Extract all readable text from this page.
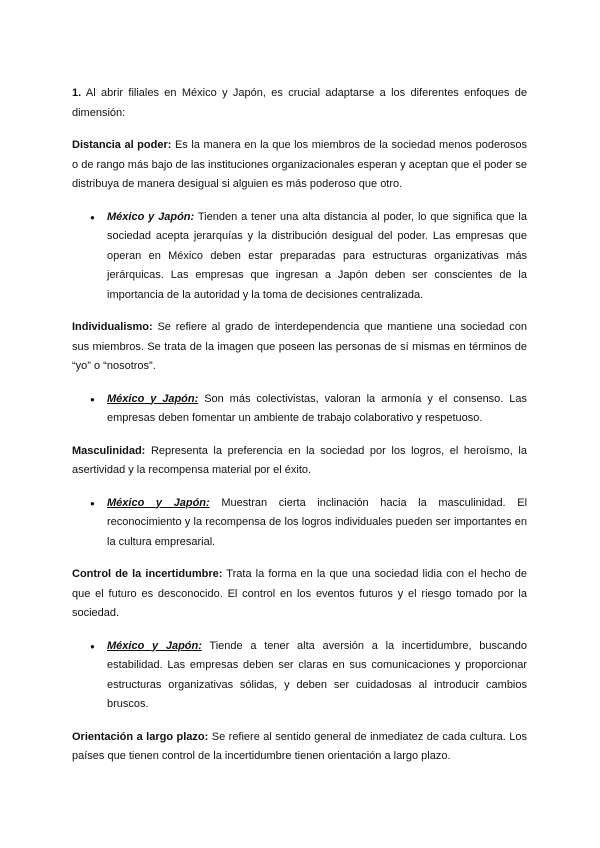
1. Al abrir filiales en México y Japón, es crucial adaptarse a los diferentes enfoques de dimensión:

Distancia al poder: Es la manera en la que los miembros de la sociedad menos poderosos o de rango más bajo de las instituciones organizacionales esperan y aceptan que el poder se distribuya de manera desigual si alguien es más poderoso que otro.

● México y Japón: Tienden a tener una alta distancia al poder, lo que significa que la sociedad acepta jerarquías y la distribución desigual del poder. Las empresas que operan en México deben estar preparadas para estructuras organizativas más jerárquicas. Las empresas que ingresan a Japón deben ser conscientes de la importancia de la autoridad y la toma de decisiones centralizada.

Individualismo: Se refiere al grado de interdependencia que mantiene una sociedad con sus miembros. Se trata de la imagen que poseen las personas de sí mismas en términos de “yo” o “nosotros”.

● México y Japón: Son más colectivistas, valoran la armonía y el consenso. Las empresas deben fomentar un ambiente de trabajo colaborativo y respetuoso.

Masculinidad: Representa la preferencia en la sociedad por los logros, el heroísmo, la asertividad y la recompensa material por el éxito.

● México y Japón: Muestran cierta inclinación hacia la masculinidad. El reconocimiento y la recompensa de los logros individuales pueden ser importantes en la cultura empresarial.

Control de la incertidumbre: Trata la forma en la que una sociedad lidia con el hecho de que el futuro es desconocido. El control en los eventos futuros y el riesgo tomado por la sociedad.

● México y Japón: Tiende a tener alta aversión a la incertidumbre, buscando estabilidad. Las empresas deben ser claras en sus comunicaciones y proporcionar estructuras organizativas sólidas, y deben ser cuidadosas al introducir cambios bruscos.

Orientación a largo plazo: Se refiere al sentido general de inmediatez de cada cultura. Los países que tienen control de la incertidumbre tienen orientación a largo plazo.
